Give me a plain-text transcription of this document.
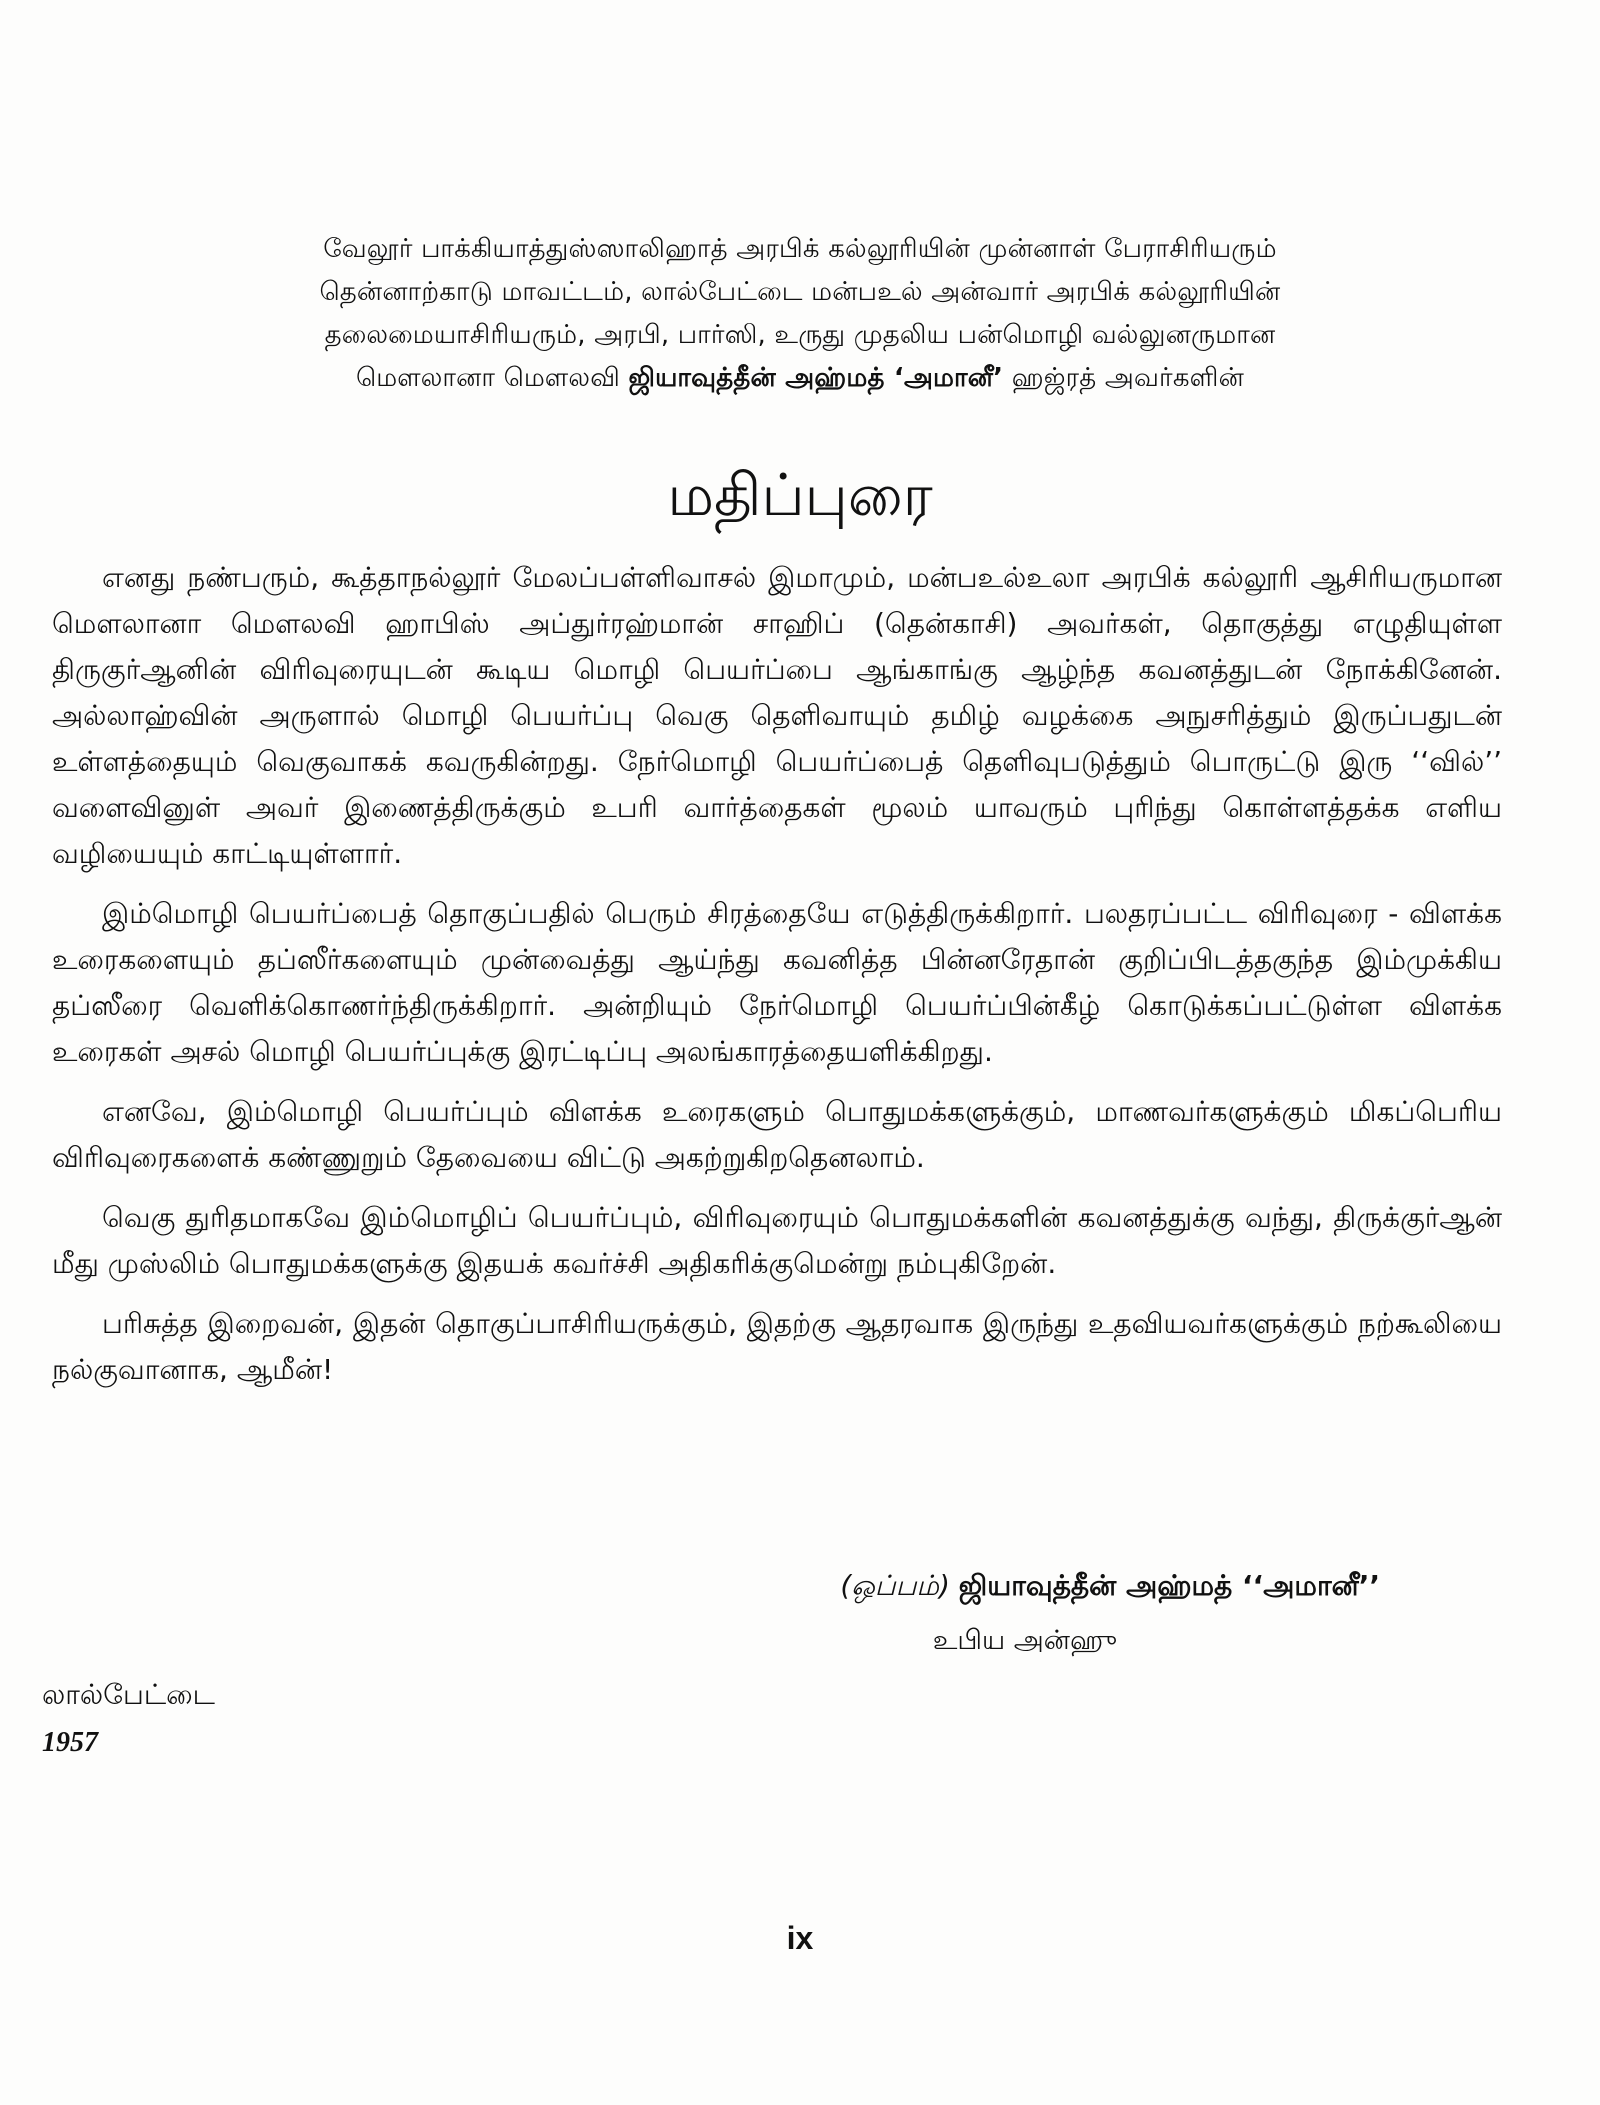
வேலூர் பாக்கியாத்துஸ்ஸாலிஹாத் அரபிக் கல்லூரியின் முன்னாள் பேராசிரியரும்
தென்னாற்காடு மாவட்டம், லால்பேட்டை மன்பஉல் அன்வார் அரபிக் கல்லூரியின்
தலைமையாசிரியரும், அரபி, பார்ஸி, உருது முதலிய பன்மொழி வல்லுனருமான
மௌலானா மௌலவி ஜியாவுத்தீன் அஹ்மத் ‘அமானீ’ ஹஜ்ரத் அவர்களின்
மதிப்புரை

எனது நண்பரும், கூத்தாநல்லூர் மேலப்பள்ளிவாசல் இமாமும், மன்பஉல்உலா அரபிக் கல்லூரி ஆசிரியருமான மௌலானா மௌலவி ஹாபிஸ் அப்துர்ரஹ்மான் சாஹிப் (தென்காசி) அவர்கள், தொகுத்து எழுதியுள்ள திருகுர்ஆனின் விரிவுரையுடன் கூடிய மொழி பெயர்ப்பை ஆங்காங்கு ஆழ்ந்த கவனத்துடன் நோக்கினேன். அல்லாஹ்வின் அருளால் மொழி பெயர்ப்பு வெகு தெளிவாயும் தமிழ் வழக்கை அநுசரித்தும் இருப்பதுடன் உள்ளத்தையும் வெகுவாகக் கவருகின்றது. நேர்மொழி பெயர்ப்பைத் தெளிவுபடுத்தும் பொருட்டு இரு ‘‘வில்’’ வளைவினுள் அவர் இணைத்திருக்கும் உபரி வார்த்தைகள் மூலம் யாவரும் புரிந்து கொள்ளத்தக்க எளிய வழியையும் காட்டியுள்ளார்.

இம்மொழி பெயர்ப்பைத் தொகுப்பதில் பெரும் சிரத்தையே எடுத்திருக்கிறார். பலதரப்பட்ட விரிவுரை - விளக்க உரைகளையும் தப்ஸீர்களையும் முன்வைத்து ஆய்ந்து கவனித்த பின்னரேதான் குறிப்பிடத்தகுந்த இம்முக்கிய தப்ஸீரை வெளிக்கொணர்ந்திருக்கிறார். அன்றியும் நேர்மொழி பெயர்ப்பின்கீழ் கொடுக்கப்பட்டுள்ள விளக்க உரைகள் அசல் மொழி பெயர்ப்புக்கு இரட்டிப்பு அலங்காரத்தையளிக்கிறது.

எனவே, இம்மொழி பெயர்ப்பும் விளக்க உரைகளும் பொதுமக்களுக்கும், மாணவர்களுக்கும் மிகப்பெரிய விரிவுரைகளைக் கண்ணுறும் தேவையை விட்டு அகற்றுகிறதெனலாம்.

வெகு துரிதமாகவே இம்மொழிப் பெயர்ப்பும், விரிவுரையும் பொதுமக்களின் கவனத்துக்கு வந்து, திருக்குர்ஆன் மீது முஸ்லிம் பொதுமக்களுக்கு இதயக் கவர்ச்சி அதிகரிக்குமென்று நம்புகிறேன்.

பரிசுத்த இறைவன், இதன் தொகுப்பாசிரியருக்கும், இதற்கு ஆதரவாக இருந்து உதவியவர்களுக்கும் நற்கூலியை நல்குவானாக, ஆமீன்!

(ஒப்பம்) ஜியாவுத்தீன் அஹ்மத் ‘‘அமானீ’’
உபிய அன்ஹு
லால்பேட்டை
1957
ix
